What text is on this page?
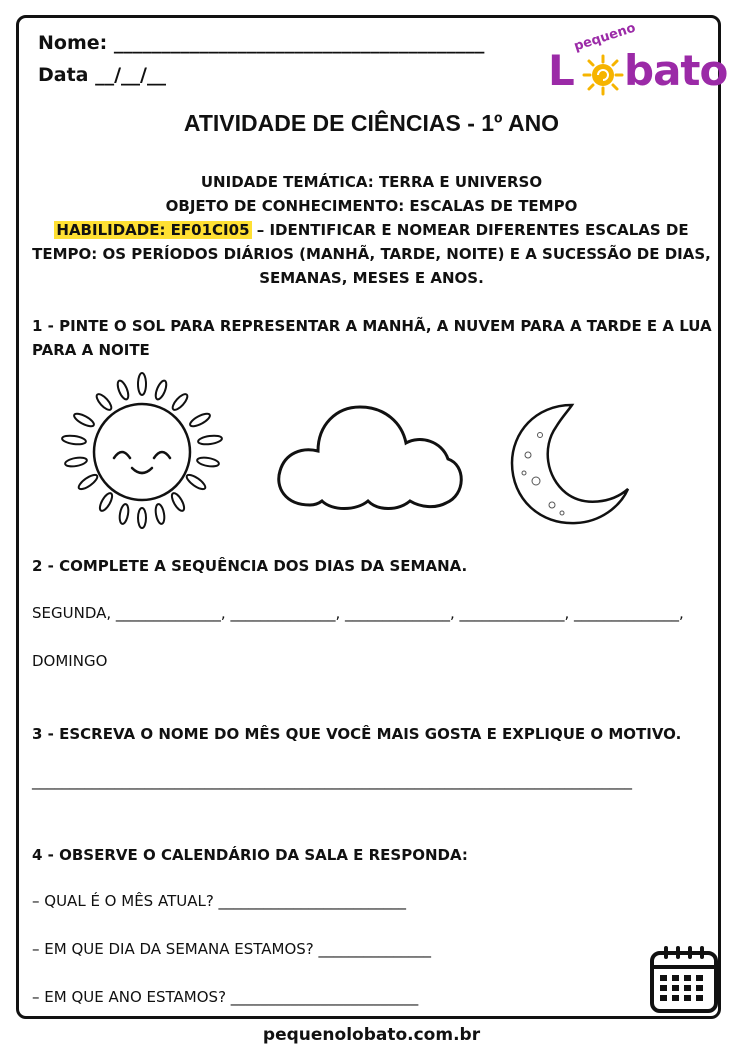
Nome: _______________________________________
Data __/__/__
pequeno
L bato
ATIVIDADE DE CIÊNCIAS - 1º ANO
UNIDADE TEMÁTICA: TERRA E UNIVERSO
OBJETO DE CONHECIMENTO: ESCALAS DE TEMPO
HABILIDADE: EF01CI05 – IDENTIFICAR E NOMEAR DIFERENTES ESCALAS DE TEMPO: OS PERÍODOS DIÁRIOS (MANHÃ, TARDE, NOITE) E A SUCESSÃO DE DIAS, SEMANAS, MESES E ANOS.
1 - PINTE O SOL PARA REPRESENTAR A MANHÃ, A NUVEM PARA A TARDE E A LUA PARA A NOITE
2 - COMPLETE A SEQUÊNCIA DOS DIAS DA SEMANA.
SEGUNDA, ______________, ______________, ______________, ______________, ______________,
DOMINGO
3 - ESCREVA O NOME DO MÊS QUE VOCÊ MAIS GOSTA E EXPLIQUE O MOTIVO.
________________________________________________________________________________
4 - OBSERVE O CALENDÁRIO DA SALA E RESPONDA:
– QUAL É O MÊS ATUAL? _________________________
– EM QUE DIA DA SEMANA ESTAMOS? _______________
– EM QUE ANO ESTAMOS? _________________________
pequenolobato.com.br
